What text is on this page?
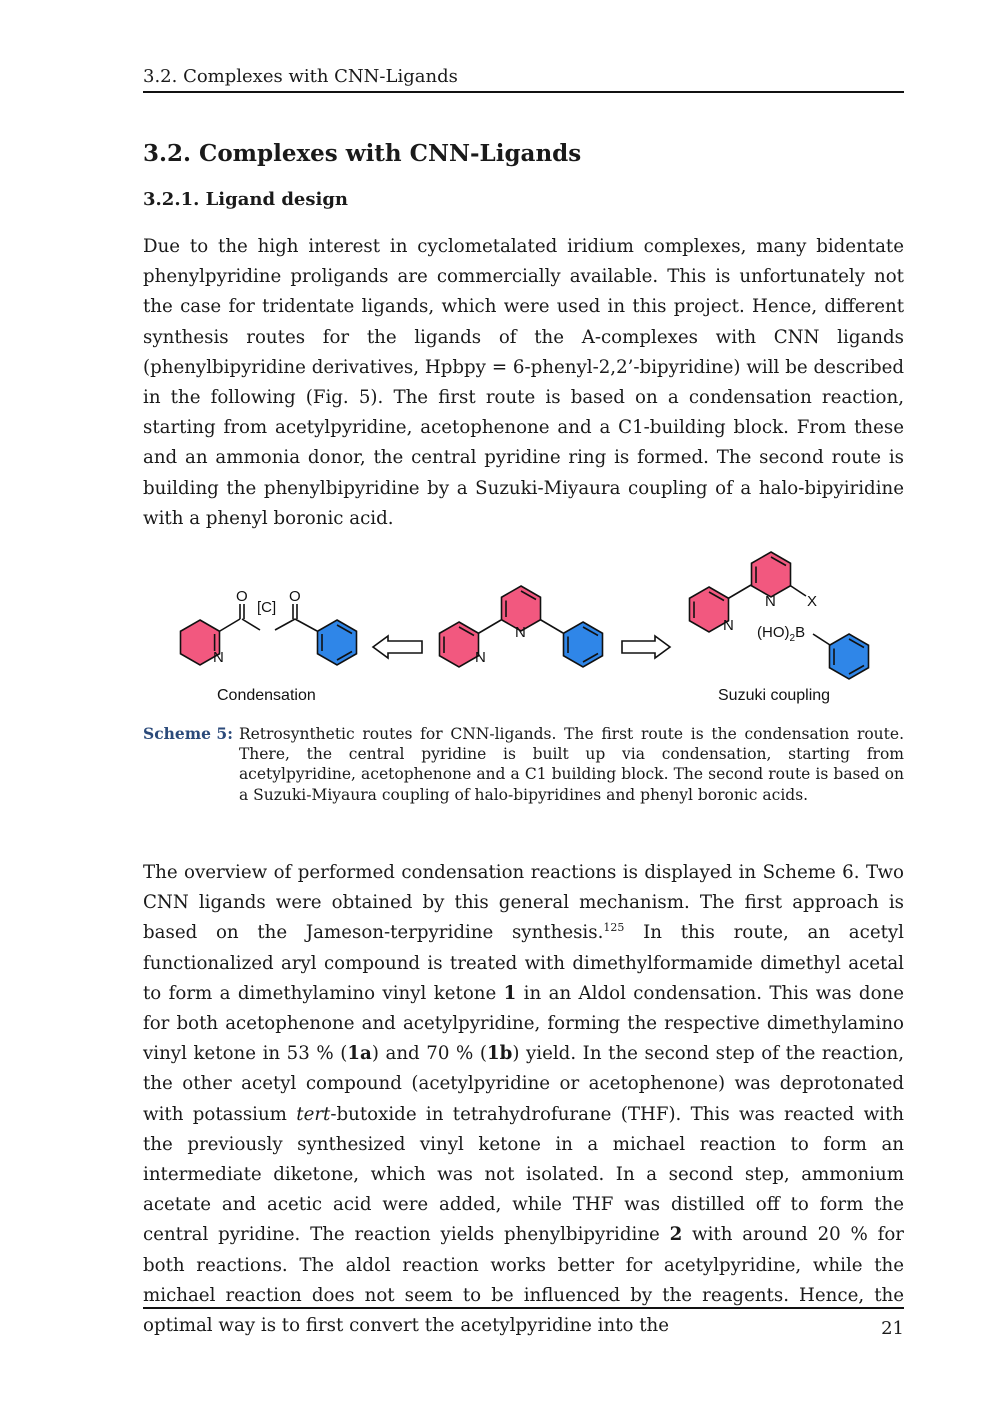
3.2. Complexes with CNN-Ligands
3.2. Complexes with CNN-Ligands
3.2.1. Ligand design

Due to the high interest in cyclometalated iridium complexes, many bidentate phenylpyridine proligands are commercially available. This is unfortunately not the case for tridentate ligands, which were used in this project. Hence, different synthesis routes for the ligands of the A-complexes with CNN ligands (phenylbipyridine derivatives, Hpbpy = 6-phenyl-2,2’-bipyridine) will be described in the following (Fig. 5). The first route is based on a condensation reaction, starting from acetylpyridine, acetophenone and a C1-building block. From these and an ammonia donor, the central pyridine ring is formed. The second route is building the phenylbipyridine by a Suzuki-Miyaura coupling of a halo-bipyiridine with a phenyl boronic acid.

O
[C]
O
N	N
N	N
N X
$(HO)_2B$
Condensation	Suzuki coupling
Scheme 5: Retrosynthetic routes for CNN-ligands. The first route is the condensation route. There, the central pyridine is built up via condensation, starting from acetylpyridine, acetophenone and a C1 building block. The second route is based on a Suzuki-Miyaura coupling of halo-bipyridines and phenyl boronic acids.

The overview of performed condensation reactions is displayed in Scheme 6. Two CNN ligands were obtained by this general mechanism. The first approach is based on the Jameson-terpyridine synthesis.$^{125}$ In this route, an acetyl functionalized aryl compound is treated with dimethylformamide dimethyl acetal to form a dimethylamino vinyl ketone 1 in an Aldol condensation. This was done for both acetophenone and acetylpyridine, forming the respective dimethylamino vinyl ketone in 53 % (1a) and 70 % (1b) yield. In the second step of the reaction, the other acetyl compound (acetylpyridine or acetophenone) was deprotonated with potassium tert-butoxide in tetrahydrofurane (THF). This was reacted with the previously synthesized vinyl ketone in a michael reaction to form an intermediate diketone, which was not isolated. In a second step, ammonium acetate and acetic acid were added, while THF was distilled off to form the central pyridine. The reaction yields phenylbipyridine 2 with around 20 % for both reactions. The aldol reaction works better for acetylpyridine, while the michael reaction does not seem to be influenced by the reagents. Hence, the optimal way is to first convert the acetylpyridine into the	21
